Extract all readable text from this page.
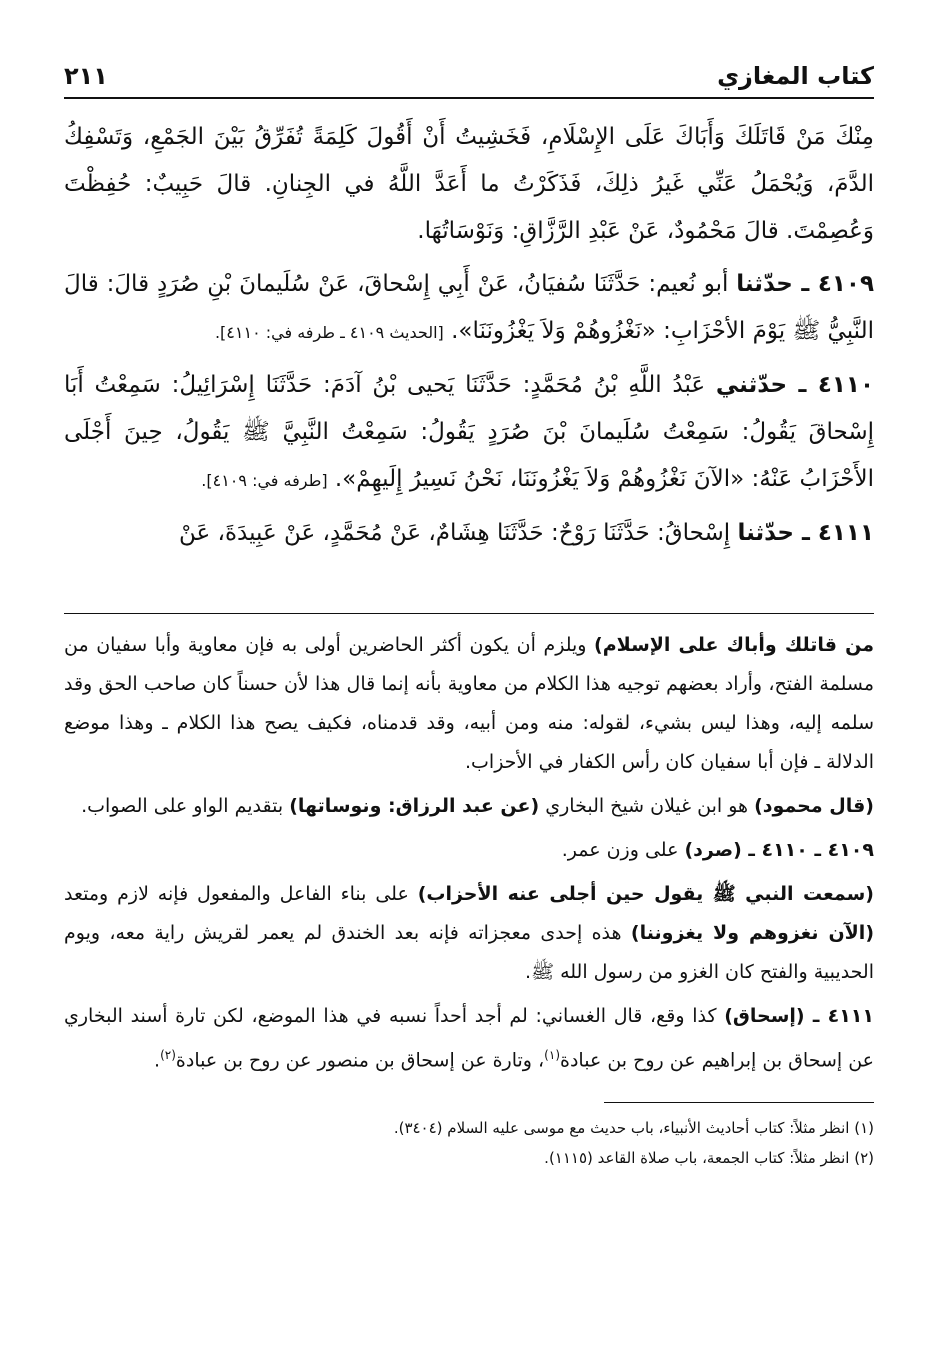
كتاب المغازي
٢١١

مِنْكَ مَنْ قَاتَلَكَ وَأَبَاكَ عَلَى الإِسْلَامِ، فَخَشِيتُ أَنْ أَقُولَ كَلِمَةً تُفَرِّقُ بَيْنَ الجَمْعِ، وَتَسْفِكُ الدَّمَ، وَيُحْمَلُ عَنِّي غَيرُ ذلِكَ، فَذَكَرْتُ ما أَعَدَّ اللَّهُ في الجِنانِ. قالَ حَبِيبٌ: حُفِظْتَ وَعُصِمْتَ. قالَ مَحْمُودٌ، عَنْ عَبْدِ الرَّزَّاقِ: وَنَوْسَاتُهَا.

٤١٠٩ ـ حدّثنا أبو نُعيم: حَدَّثَنَا سُفيَانُ، عَنْ أَبِي إِسْحاقَ، عَنْ سُلَيمانَ بْنِ صُرَدٍ قالَ: قالَ النَّبِيُّ ﷺ يَوْمَ الأحْزَابِ: «نَغْزُوهُمْ وَلاَ يَغْزُونَنَا». [الحديث ٤١٠٩ ـ طرفه في: ٤١١٠].

٤١١٠ ـ حدّثني عَبْدُ اللَّهِ بْنُ مُحَمَّدٍ: حَدَّثَنَا يَحيى بْنُ آدَمَ: حَدَّثَنَا إِسْرَائِيلُ: سَمِعْتُ أَبَا إِسْحاقَ يَقُولُ: سَمِعْتُ سُلَيمانَ بْنَ صُرَدٍ يَقُولُ: سَمِعْتُ النَّبِيَّ ﷺ يَقُولُ، حِينَ أَجْلَى الأَحْزَابُ عَنْهُ: «الآنَ نَغْزُوهُمْ وَلاَ يَغْزُونَنَا، نَحْنُ نَسِيرُ إِلَيهِمْ». [طرفه في: ٤١٠٩].

٤١١١ ـ حدّثنا إِسْحاقُ: حَدَّثَنَا رَوْحٌ: حَدَّثَنَا هِشَامٌ، عَنْ مُحَمَّدٍ، عَنْ عَبِيدَةَ، عَنْ

من قاتلك وأباك على الإسلام) ويلزم أن يكون أكثر الحاضرين أولى به فإن معاوية وأبا سفيان من مسلمة الفتح، وأراد بعضهم توجيه هذا الكلام من معاوية بأنه إنما قال هذا لأن حسناً كان صاحب الحق وقد سلمه إليه، وهذا ليس بشيء، لقوله: منه ومن أبيه، وقد قدمناه، فكيف يصح هذا الكلام ـ وهذا موضع الدلالة ـ فإن أبا سفيان كان رأس الكفار في الأحزاب.

(قال محمود) هو ابن غيلان شيخ البخاري (عن عبد الرزاق: ونوساتها) بتقديم الواو على الصواب.

٤١٠٩ ـ ٤١١٠ ـ (صرد) على وزن عمر.

(سمعت النبي ﷺ يقول حين أجلى عنه الأحزاب) على بناء الفاعل والمفعول فإنه لازم ومتعد (الآن نغزوهم ولا يغزوننا) هذه إحدى معجزاته فإنه بعد الخندق لم يعمر لقريش راية معه، ويوم الحديبية والفتح كان الغزو من رسول الله ﷺ.

٤١١١ ـ (إسحاق) كذا وقع، قال الغساني: لم أجد أحداً نسبه في هذا الموضع، لكن تارة أسند البخاري عن إسحاق بن إبراهيم عن روح بن عبادة$^{(١)}$، وتارة عن إسحاق بن منصور عن روح بن عبادة$^{(٢)}$.

(١) انظر مثلاً: كتاب أحاديث الأنبياء، باب حديث مع موسى عليه السلام (٣٤٠٤).
(٢) انظر مثلاً: كتاب الجمعة، باب صلاة القاعد (١١١٥).
